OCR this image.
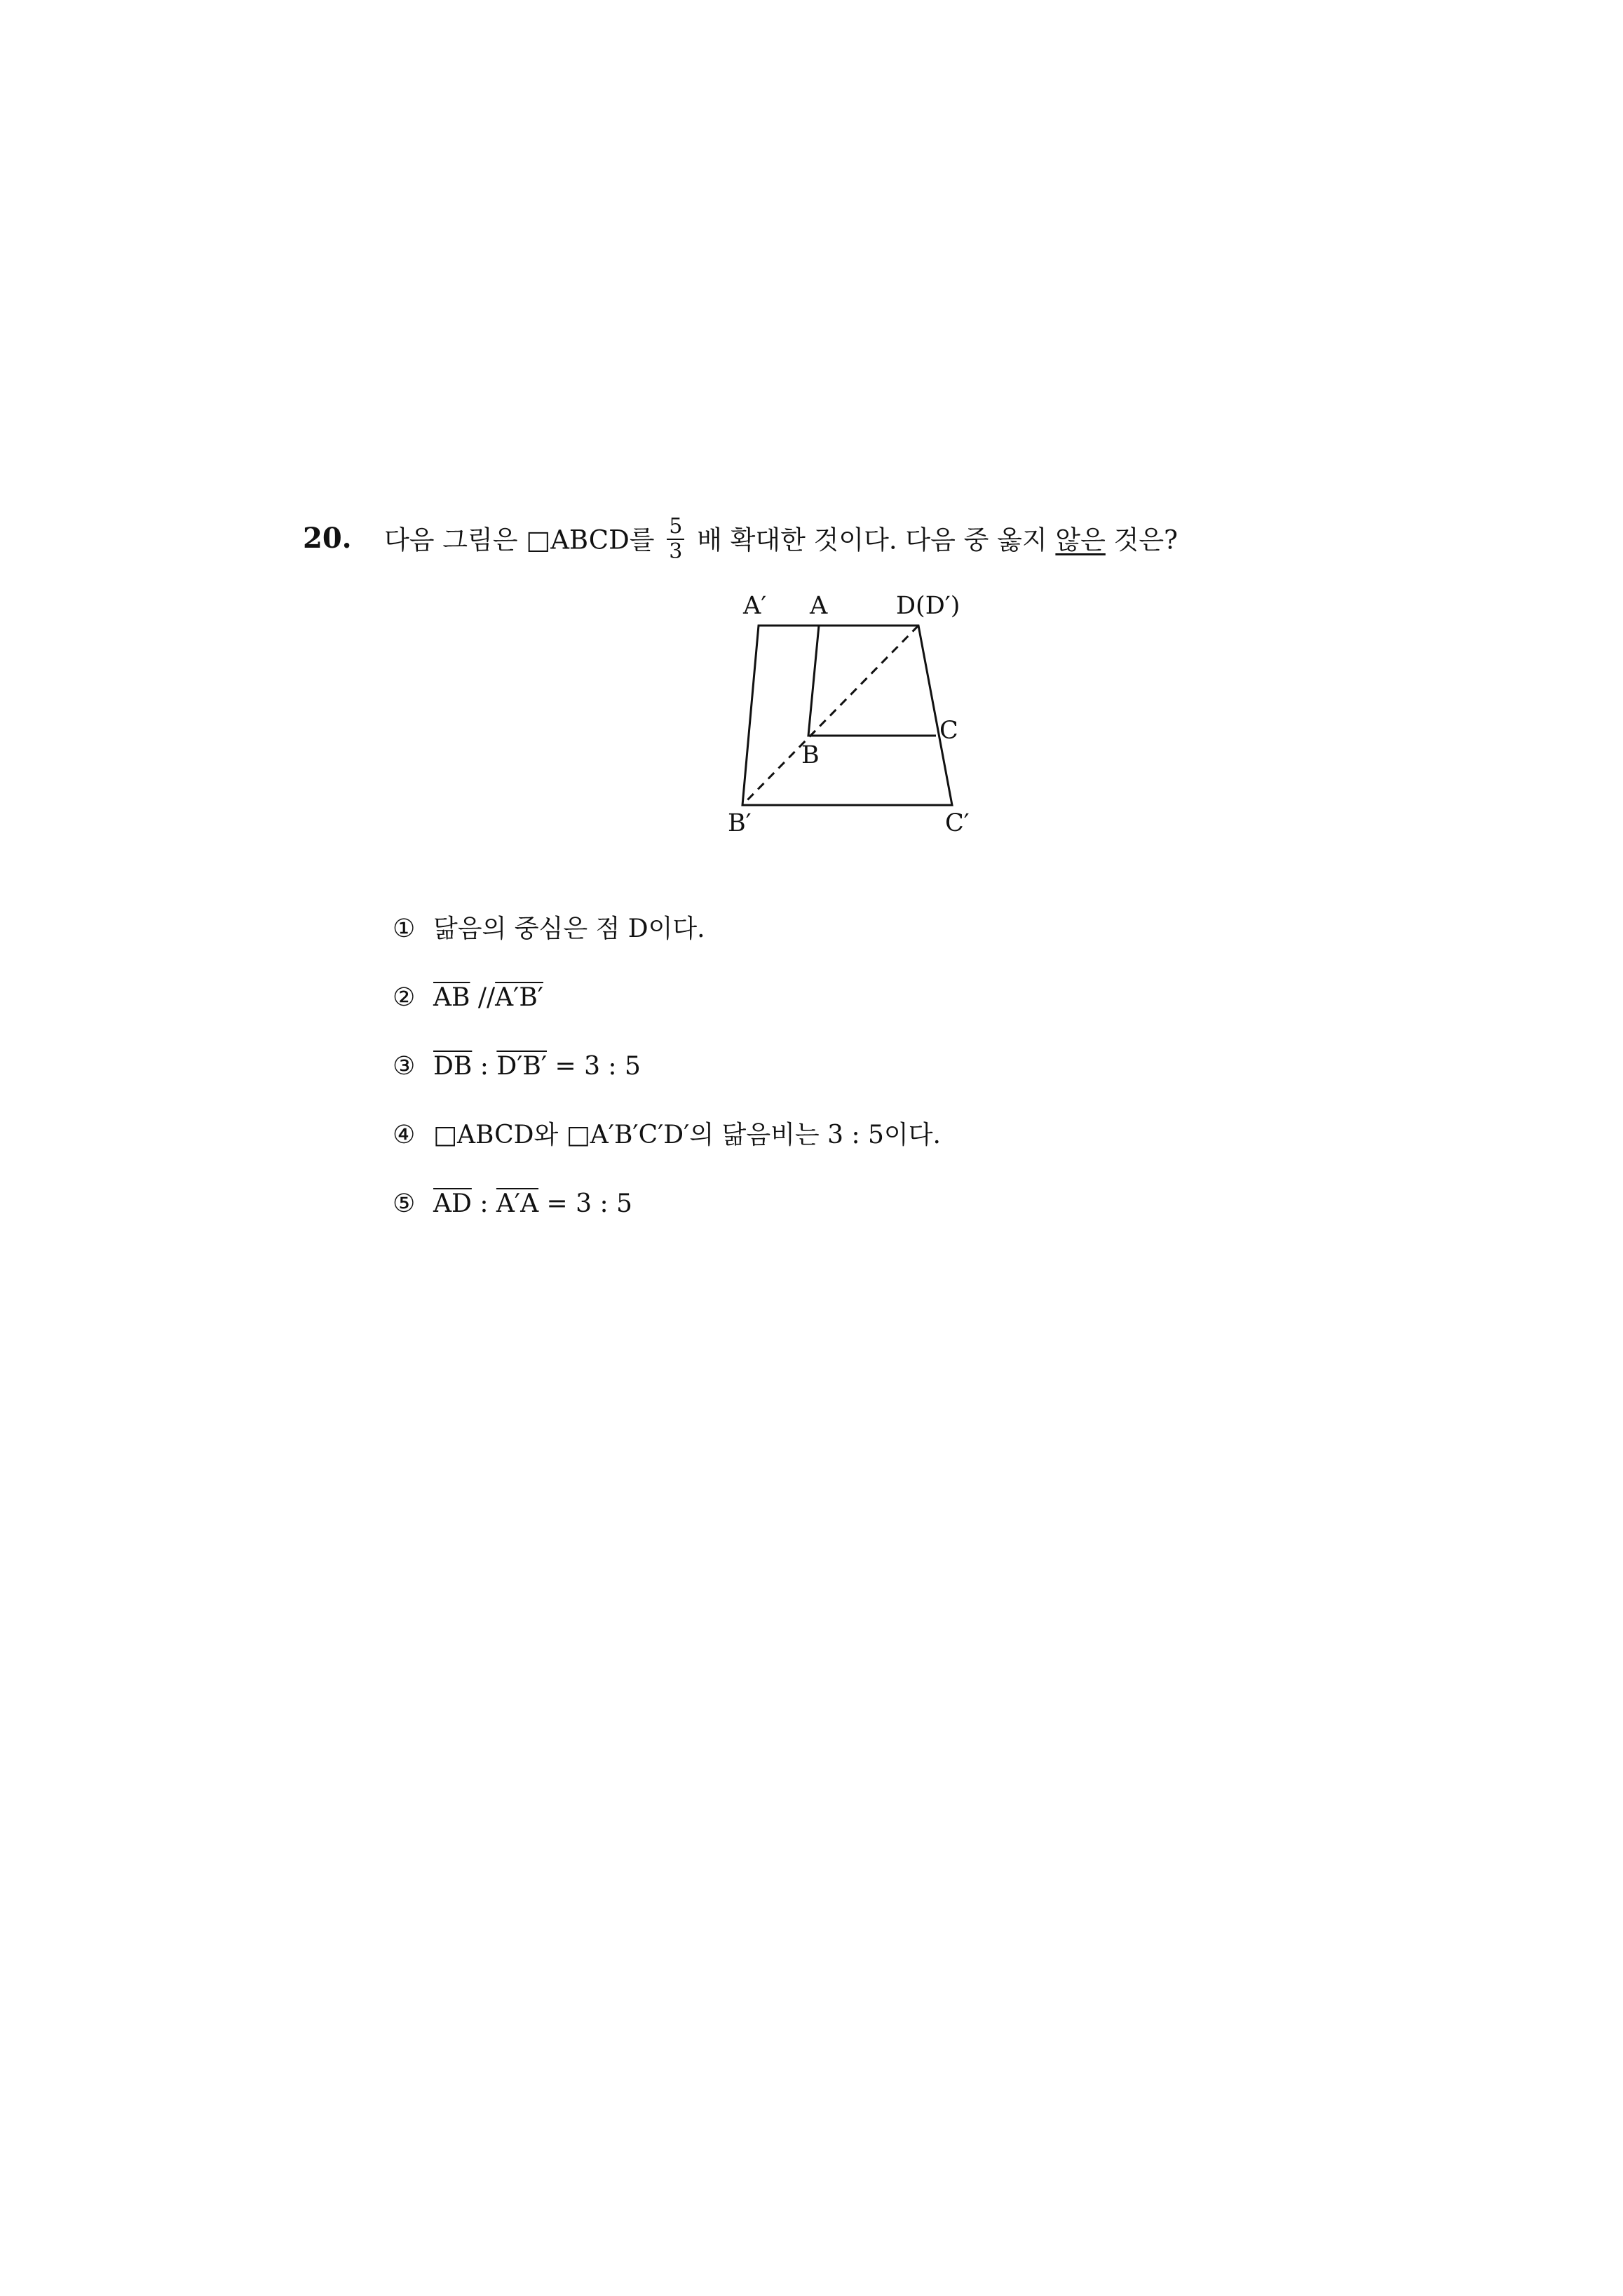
20. 다음 그림은 □ABCD를 $\frac{5}{3}$ 배 확대한 것이다. 다음 중 옳지 않은 것은?
A′ A	D(D′)
B
C
B′	C′
① 닮음의 중심은 점 D이다.
② $\overline{AB}$ //A′B′
③ $\overline{DB}$ : D′B′ = 3 : 5
④ □ABCD와 □A′B′C′D′의 닮음비는 3 : 5이다.
⑤ $\overline{AD}$ : A′A = 3 : 5
